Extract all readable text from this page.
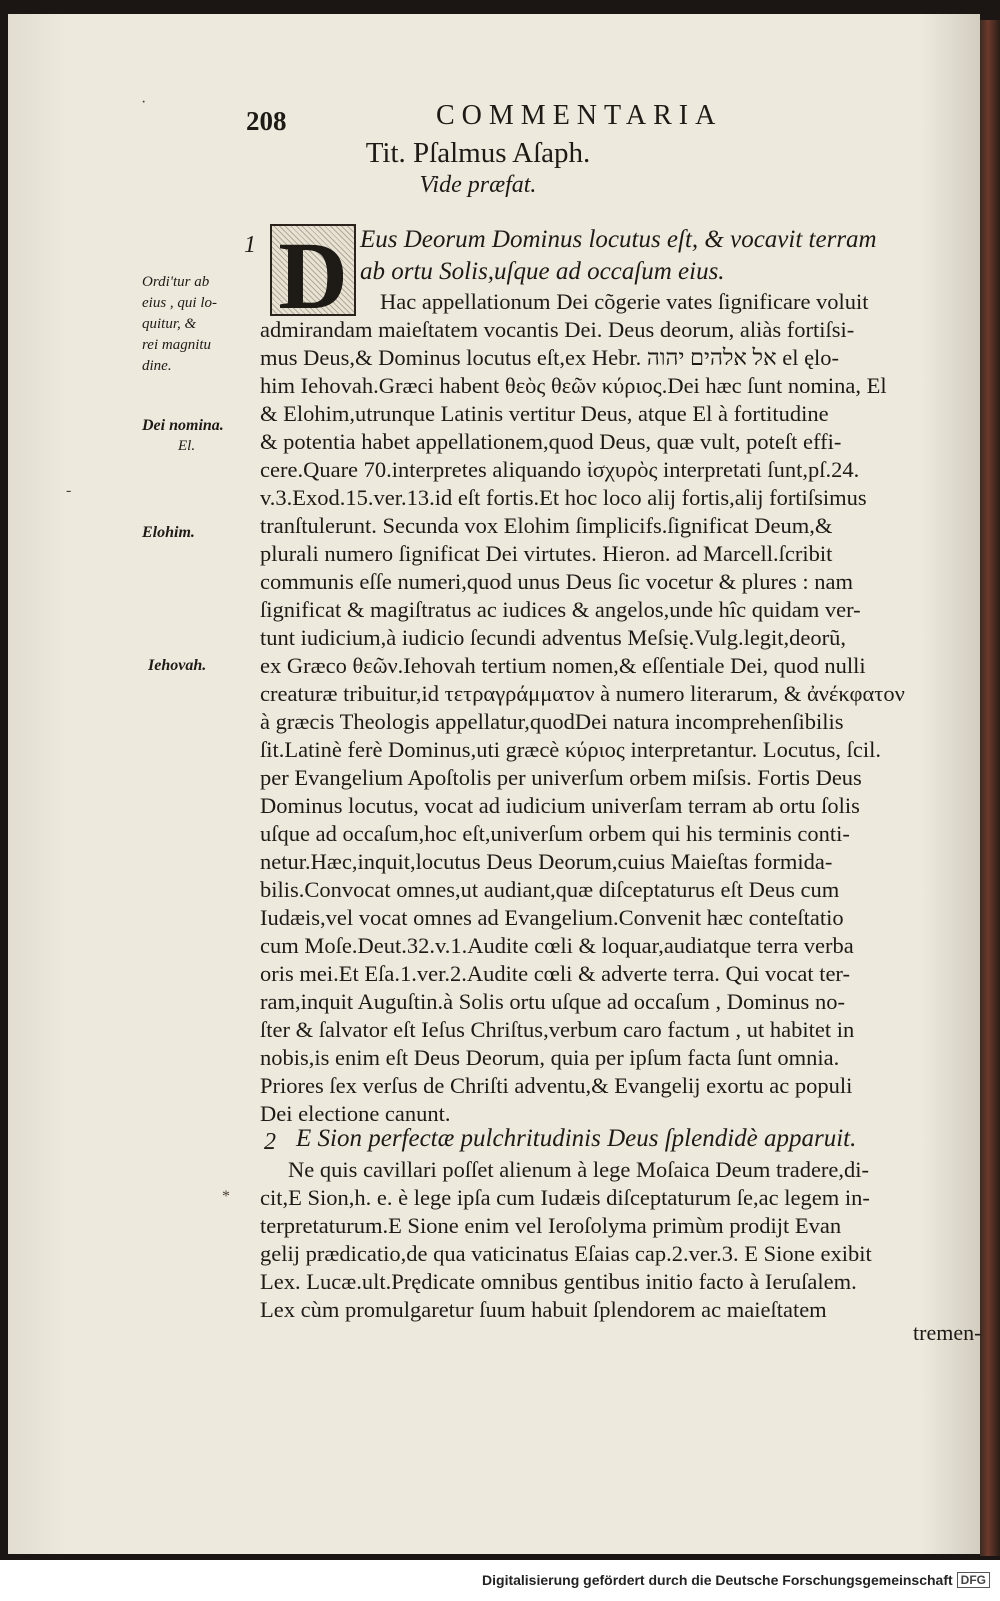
·
208	COMMENTARIA
Tit. Pſalmus Aſaph.
Vide præfat.
1 D Eus Deorum Dominus locutus eſt, & vocavit terram
ab ortu Solis,uſque ad occaſum eius.
Hac appellationum Dei cõgerie vates ſignificare voluit
admirandam maieſtatem vocantis Dei. Deus deorum, aliàs fortiſsi-
mus Deus,& Dominus locutus eſt,ex Hebr. אל אלהים יהוה el ęlo-
him Iehovah.Græci habent θεὸς θεῶν κύριος.Dei hæc ſunt nomina, El
& Elohim,utrunque Latinis vertitur Deus, atque El à fortitudine
& potentia habet appellationem,quod Deus, quæ vult, poteſt effi-
cere.Quare 70.interpretes aliquando ἰσχυρὸς interpretati ſunt,pſ.24.
v.3.Exod.15.ver.13.id eſt fortis.Et hoc loco alij fortis,alij fortiſsimus
tranſtulerunt. Secunda vox Elohim ſimplicifs.ſignificat Deum,&
plurali numero ſignificat Dei virtutes. Hieron. ad Marcell.ſcribit
communis eſſe numeri,quod unus Deus ſic vocetur & plures : nam
ſignificat & magiſtratus ac iudices & angelos,unde hîc quidam ver-
tunt iudicium,à iudicio ſecundi adventus Meſsię.Vulg.legit,deorũ,
ex Græco θεῶν.Iehovah tertium nomen,& eſſentiale Dei, quod nulli
creaturæ tribuitur,id τετραγράμματον à numero literarum, & ἀνέκφατον
à græcis Theologis appellatur,quodDei natura incomprehenſibilis
ſit.Latinè ferè Dominus,uti græcè κύριος interpretantur. Locutus, ſcil.
per Evangelium Apoſtolis per univerſum orbem miſsis. Fortis Deus
Dominus locutus, vocat ad iudicium univerſam terram ab ortu ſolis
uſque ad occaſum,hoc eſt,univerſum orbem qui his terminis conti-
netur.Hæc,inquit,locutus Deus Deorum,cuius Maieſtas formida-
bilis.Convocat omnes,ut audiant,quæ diſceptaturus eſt Deus cum
Iudæis,vel vocat omnes ad Evangelium.Convenit hæc conteſtatio
cum Moſe.Deut.32.v.1.Audite cœli & loquar,audiatque terra verba
oris mei.Et Eſa.1.ver.2.Audite cœli & adverte terra. Qui vocat ter-
ram,inquit Auguſtin.à Solis ortu uſque ad occaſum , Dominus no-
ſter & ſalvator eſt Ieſus Chriſtus,verbum caro factum , ut habitet in
nobis,is enim eſt Deus Deorum, quia per ipſum facta ſunt omnia.
Priores ſex verſus de Chriſti adventu,& Evangelij exortu ac populi
Dei electione canunt.
2 E Sion perfectæ pulchritudinis Deus ſplendidè apparuit.
Ne quis cavillari poſſet alienum à lege Moſaica Deum tradere,di-
cit,E Sion,h. e. è lege ipſa cum Iudæis diſceptaturum ſe,ac legem in-
terpretaturum.E Sione enim vel Ieroſolyma primùm prodijt Evan
gelij prædicatio,de qua vaticinatus Eſaias cap.2.ver.3. E Sione exibit
Lex. Lucæ.ult.Prędicate omnibus gentibus initio facto à Ieruſalem.
Lex cùm promulgaretur ſuum habuit ſplendorem ac maieſtatem
*
tremen-
Ordi'tur ab
eius , qui lo-
quitur, &
rei magnitu
dine.
Dei nomina.
El.
-
Elohim.
Iehovah.
Digitalisierung gefördert durch die Deutsche Forschungsgemeinschaft DFG
